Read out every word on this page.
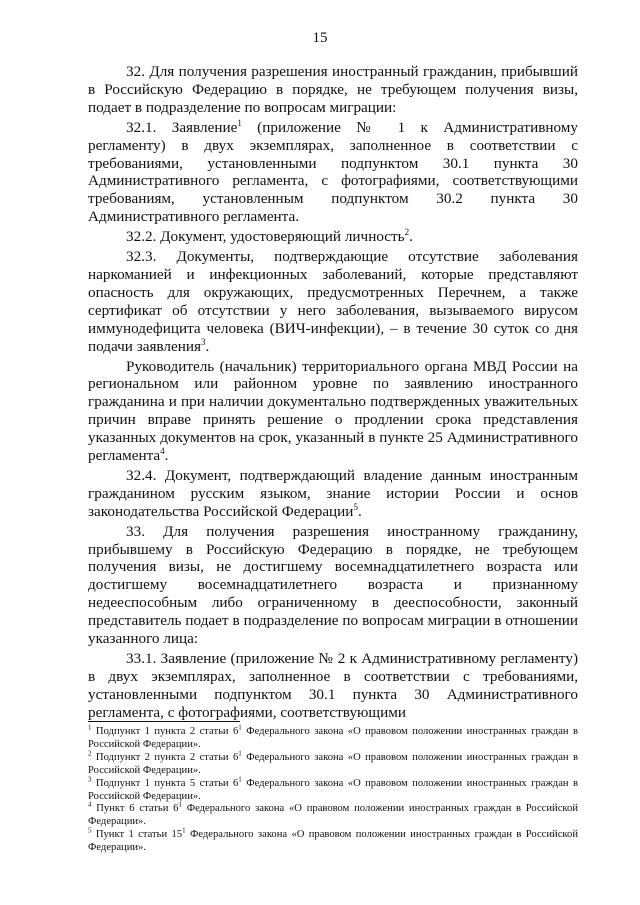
15

32. Для получения разрешения иностранный гражданин, прибывший в Российскую Федерацию в порядке, не требующем получения визы, подает в подразделение по вопросам миграции:

32.1. Заявление$^1$ (приложение № 1 к Административному регламенту) в двух экземплярах, заполненное в соответствии с требованиями, установленными подпунктом 30.1 пункта 30 Административного регламента, с фотографиями, соответствующими требованиям, установленным подпунктом 30.2 пункта 30 Административного регламента.

32.2. Документ, удостоверяющий личность$^2$.

32.3. Документы, подтверждающие отсутствие заболевания наркоманией и инфекционных заболеваний, которые представляют опасность для окружающих, предусмотренных Перечнем, а также сертификат об отсутствии у него заболевания, вызываемого вирусом иммунодефицита человека (ВИЧ-инфекции), – в течение 30 суток со дня подачи заявления$^3$.

Руководитель (начальник) территориального органа МВД России на региональном или районном уровне по заявлению иностранного гражданина и при наличии документально подтвержденных уважительных причин вправе принять решение о продлении срока представления указанных документов на срок, указанный в пункте 25 Административного регламента$^4$.

32.4. Документ, подтверждающий владение данным иностранным гражданином русским языком, знание истории России и основ законодательства Российской Федерации$^5$.

33. Для получения разрешения иностранному гражданину, прибывшему в Российскую Федерацию в порядке, не требующем получения визы, не достигшему восемнадцатилетнего возраста или достигшему восемнадцатилетнего возраста и признанному недееспособным либо ограниченному в дееспособности, законный представитель подает в подразделение по вопросам миграции в отношении указанного лица:

33.1. Заявление (приложение № 2 к Административному регламенту) в двух экземплярах, заполненное в соответствии с требованиями, установленными подпунктом 30.1 пункта 30 Административного регламента, с фотографиями, соответствующими

$^1$ Подпункт 1 пункта 2 статьи $6^1$ Федерального закона «О правовом положении иностранных граждан в Российской Федерации».

$^2$ Подпункт 2 пункта 2 статьи $6^1$ Федерального закона «О правовом положении иностранных граждан в Российской Федерации».

$^3$ Подпункт 1 пункта 5 статьи $6^1$ Федерального закона «О правовом положении иностранных граждан в Российской Федерации».

$^4$ Пункт 6 статьи $6^1$ Федерального закона «О правовом положении иностранных граждан в Российской Федерации».

$^5$ Пункт 1 статьи $15^1$ Федерального закона «О правовом положении иностранных граждан в Российской Федерации».
